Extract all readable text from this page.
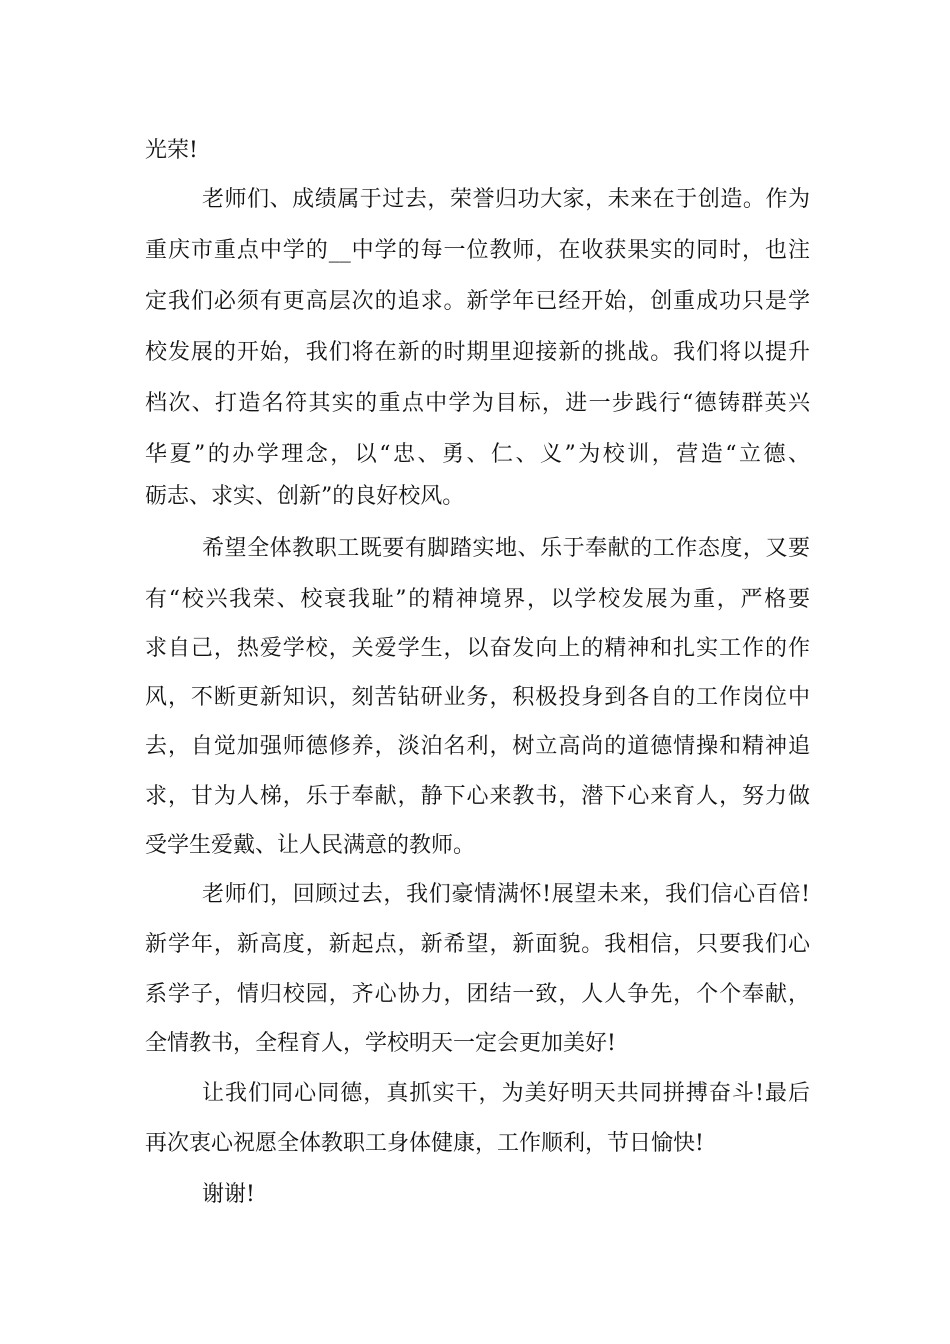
光荣!
老师们、成绩属于过去，荣誉归功大家，未来在于创造。作为
重庆市重点中学的__中学的每一位教师，在收获果实的同时，也注
定我们必须有更高层次的追求。新学年已经开始，创重成功只是学
校发展的开始，我们将在新的时期里迎接新的挑战。我们将以提升
档次、打造名符其实的重点中学为目标，进一步践行“德铸群英兴
华夏”的办学理念，以“忠、勇、仁、义”为校训，营造“立德、
砺志、求实、创新”的良好校风。
希望全体教职工既要有脚踏实地、乐于奉献的工作态度，又要
有“校兴我荣、校衰我耻”的精神境界，以学校发展为重，严格要
求自己，热爱学校，关爱学生，以奋发向上的精神和扎实工作的作
风，不断更新知识，刻苦钻研业务，积极投身到各自的工作岗位中
去，自觉加强师德修养，淡泊名利，树立高尚的道德情操和精神追
求，甘为人梯，乐于奉献，静下心来教书，潜下心来育人，努力做
受学生爱戴、让人民满意的教师。
老师们，回顾过去，我们豪情满怀!展望未来，我们信心百倍!
新学年，新高度，新起点，新希望，新面貌。我相信，只要我们心
系学子，情归校园，齐心协力，团结一致，人人争先，个个奉献，
全情教书，全程育人，学校明天一定会更加美好!
让我们同心同德，真抓实干，为美好明天共同拼搏奋斗!最后
再次衷心祝愿全体教职工身体健康，工作顺利，节日愉快!
谢谢!
